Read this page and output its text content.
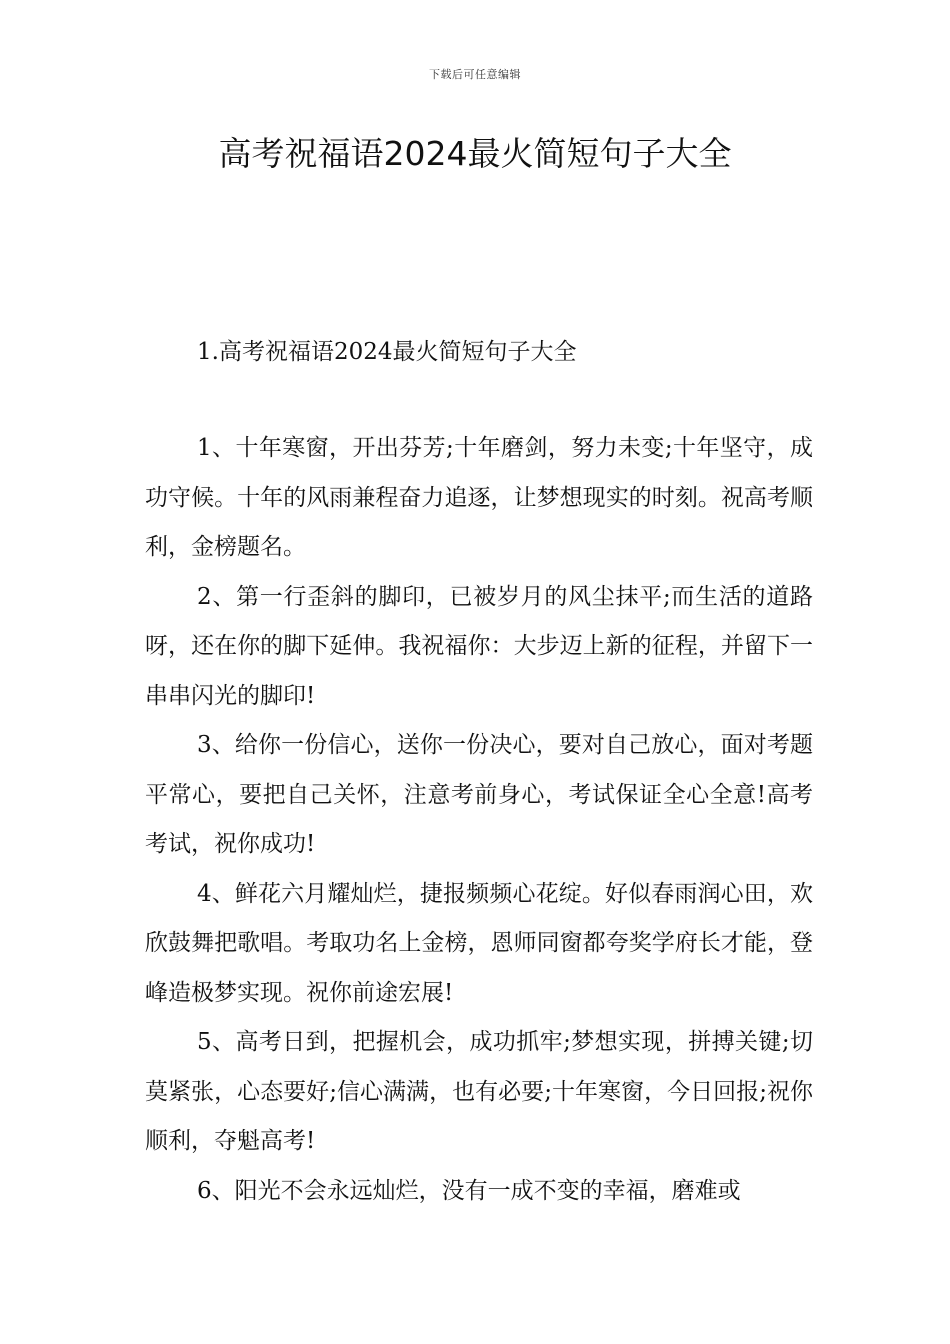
下载后可任意编辑
高考祝福语2024最火简短句子大全
1.高考祝福语2024最火简短句子大全

1、十年寒窗，开出芬芳;十年磨剑，努力未变;十年坚守，成功守候。十年的风雨兼程奋力追逐，让梦想现实的时刻。祝高考顺利，金榜题名。

2、第一行歪斜的脚印，已被岁月的风尘抹平;而生活的道路呀，还在你的脚下延伸。我祝福你：大步迈上新的征程，并留下一串串闪光的脚印!

3、给你一份信心，送你一份决心，要对自己放心，面对考题平常心，要把自己关怀，注意考前身心，考试保证全心全意!高考考试，祝你成功!

4、鲜花六月耀灿烂，捷报频频心花绽。好似春雨润心田，欢欣鼓舞把歌唱。考取功名上金榜，恩师同窗都夸奖学府长才能，登峰造极梦实现。祝你前途宏展!

5、高考日到，把握机会，成功抓牢;梦想实现，拼搏关键;切莫紧张，心态要好;信心满满，也有必要;十年寒窗，今日回报;祝你顺利，夺魁高考!

6、阳光不会永远灿烂，没有一成不变的幸福，磨难或
